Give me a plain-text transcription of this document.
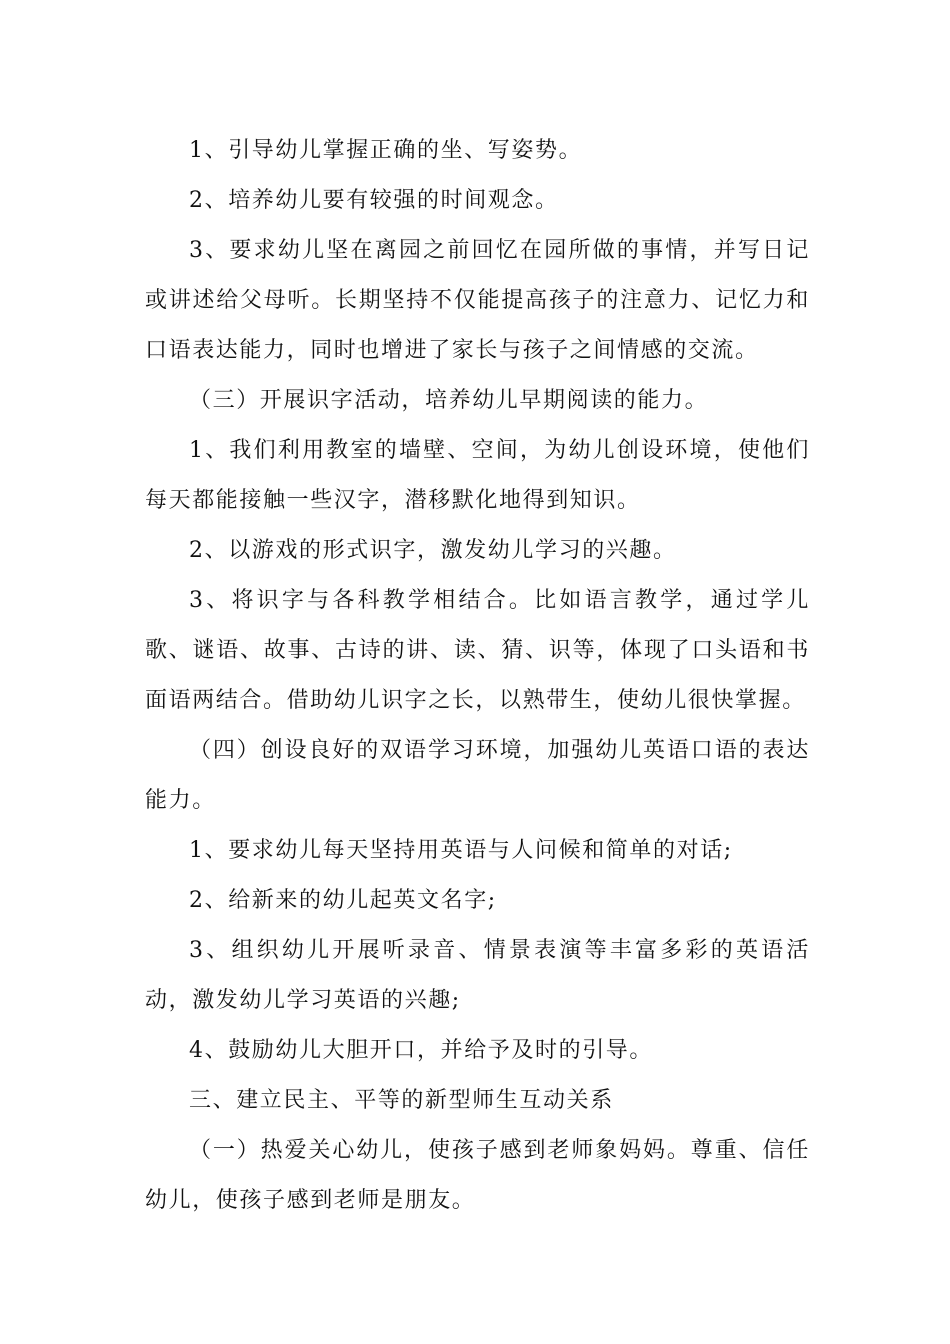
1、引导幼儿掌握正确的坐、写姿势。

2、培养幼儿要有较强的时间观念。

3、要求幼儿坚在离园之前回忆在园所做的事情，并写日记或讲述给父母听。长期坚持不仅能提高孩子的注意力、记忆力和口语表达能力，同时也增进了家长与孩子之间情感的交流。

（三）开展识字活动，培养幼儿早期阅读的能力。

1、我们利用教室的墙壁、空间，为幼儿创设环境，使他们每天都能接触一些汉字，潜移默化地得到知识。

2、以游戏的形式识字，激发幼儿学习的兴趣。

3、将识字与各科教学相结合。比如语言教学，通过学儿歌、谜语、故事、古诗的讲、读、猜、识等，体现了口头语和书面语两结合。借助幼儿识字之长，以熟带生，使幼儿很快掌握。

（四）创设良好的双语学习环境，加强幼儿英语口语的表达能力。

1、要求幼儿每天坚持用英语与人问候和简单的对话;

2、给新来的幼儿起英文名字;

3、组织幼儿开展听录音、情景表演等丰富多彩的英语活动，激发幼儿学习英语的兴趣;

4、鼓励幼儿大胆开口，并给予及时的引导。

三、建立民主、平等的新型师生互动关系

（一）热爱关心幼儿，使孩子感到老师象妈妈。尊重、信任幼儿，使孩子感到老师是朋友。
